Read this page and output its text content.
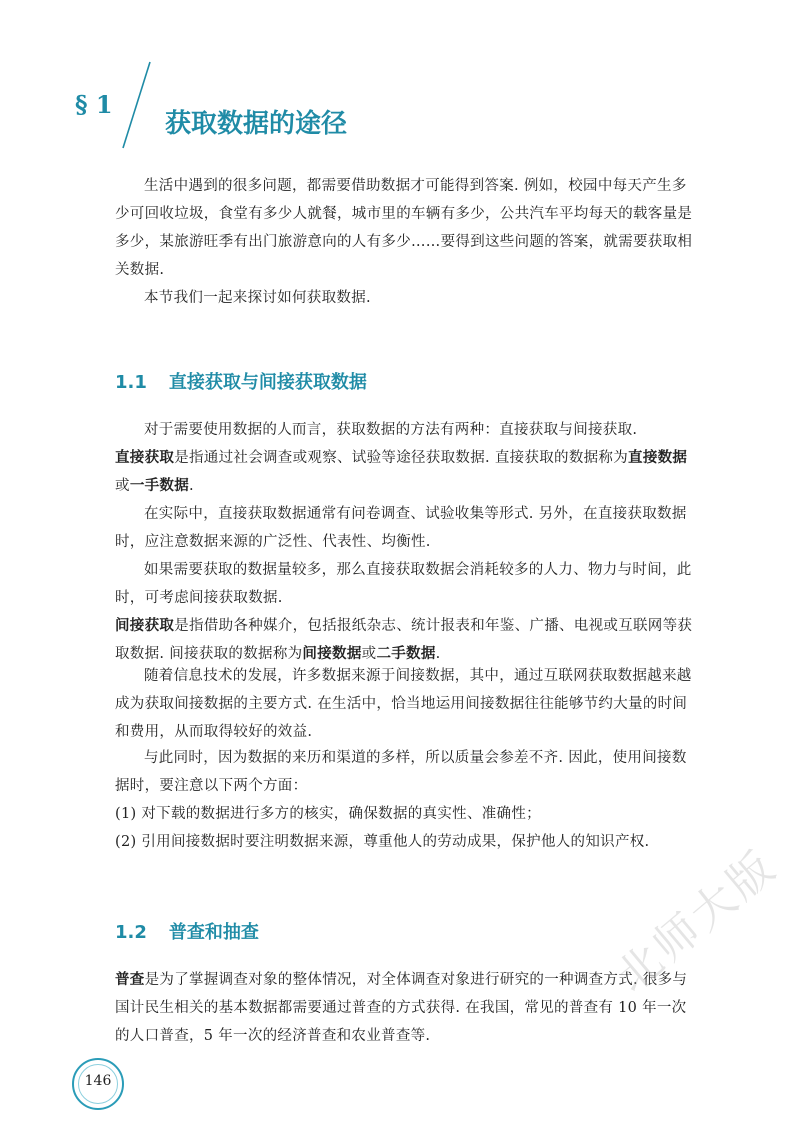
§ 1
获取数据的途径

生活中遇到的很多问题，都需要借助数据才可能得到答案. 例如，校园中每天产生多少可回收垃圾，食堂有多少人就餐，城市里的车辆有多少，公共汽车平均每天的载客量是多少，某旅游旺季有出门旅游意向的人有多少……要得到这些问题的答案，就需要获取相关数据.

本节我们一起来探讨如何获取数据.

1.1 直接获取与间接获取数据

对于需要使用数据的人而言，获取数据的方法有两种：直接获取与间接获取.

直接获取是指通过社会调查或观察、试验等途径获取数据. 直接获取的数据称为直接数据或一手数据.

在实际中，直接获取数据通常有问卷调查、试验收集等形式. 另外，在直接获取数据时，应注意数据来源的广泛性、代表性、均衡性.

如果需要获取的数据量较多，那么直接获取数据会消耗较多的人力、物力与时间，此时，可考虑间接获取数据.

间接获取是指借助各种媒介，包括报纸杂志、统计报表和年鉴、广播、电视或互联网等获取数据. 间接获取的数据称为间接数据或二手数据.

随着信息技术的发展，许多数据来源于间接数据，其中，通过互联网获取数据越来越成为获取间接数据的主要方式. 在生活中，恰当地运用间接数据往往能够节约大量的时间和费用，从而取得较好的效益.

与此同时，因为数据的来历和渠道的多样，所以质量会参差不齐. 因此，使用间接数据时，要注意以下两个方面：

(1) 对下载的数据进行多方的核实，确保数据的真实性、准确性；

(2) 引用间接数据时要注明数据来源，尊重他人的劳动成果，保护他人的知识产权.

1.2 普查和抽查

普查是为了掌握调查对象的整体情况，对全体调查对象进行研究的一种调查方式. 很多与国计民生相关的基本数据都需要通过普查的方式获得. 在我国，常见的普查有 10 年一次的人口普查，5 年一次的经济普查和农业普查等.

146
北师大版
